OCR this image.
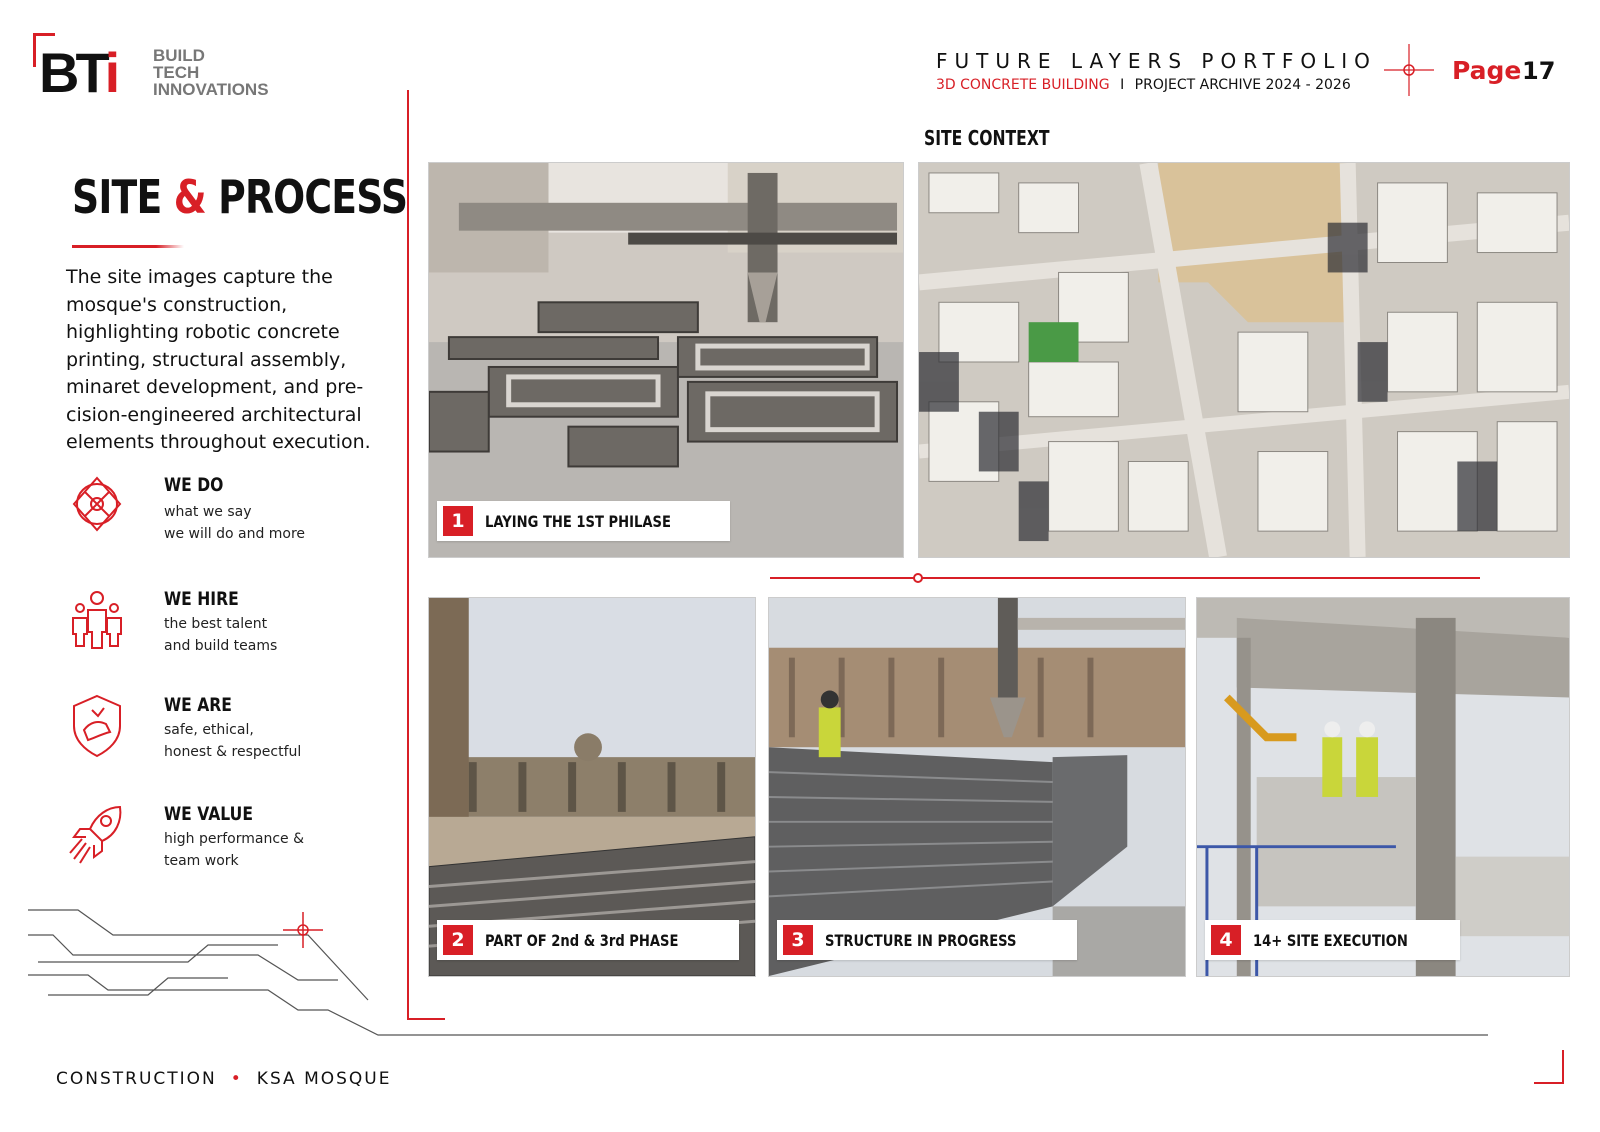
BTi BUILD
TECH
INNOVATIONS
FUTURE LAYERS PORTFOLIO
3D CONCRETE BUILDING I PROJECT ARCHIVE 2024 - 2026	Page 17
SITE & PROCESS

The site images capture the mosque's construction, highlighting robotic concrete printing, structural assembly, minaret development, and pre-cision-engineered architectural elements throughout execution.

WE DO
what we say
we will do and more
WE HIRE
the best talent
and build teams
WE ARE
safe, ethical,
honest & respectful
WE VALUE
high performance &
team work
CONSTRUCTION • KSA MOSQUE
SITE CONTEXT
1	LAYING THE 1ST PHILASE
2	PART OF 2nd & 3rd PHASE	3	STRUCTURE IN PROGRESS	4	14+ SITE EXECUTION
